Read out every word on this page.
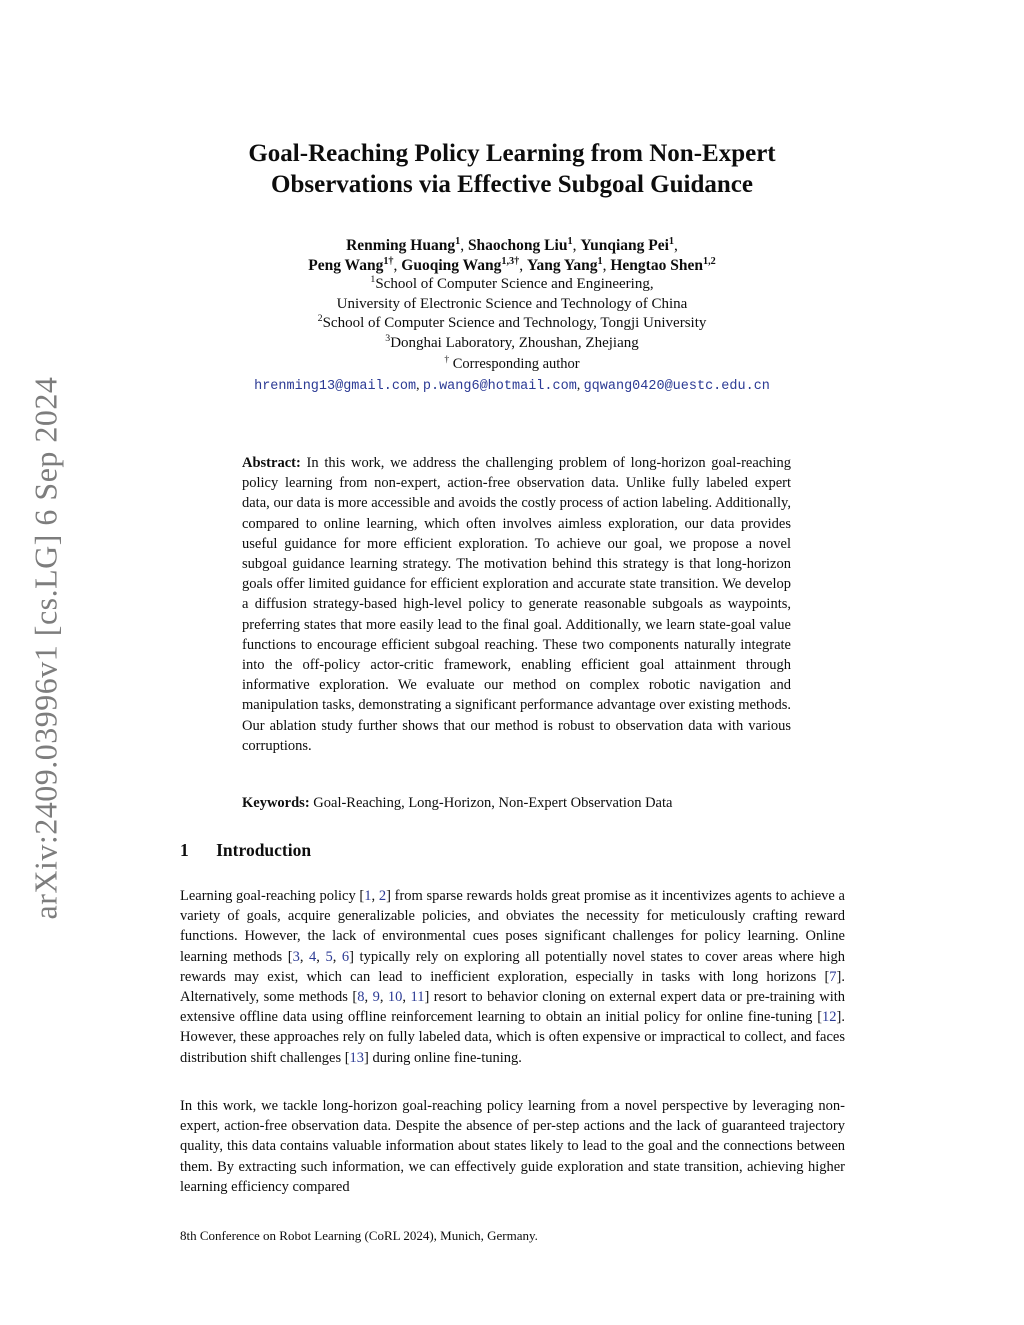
arXiv:2409.03996v1 [cs.LG] 6 Sep 2024
Goal-Reaching Policy Learning from Non-Expert
Observations via Effective Subgoal Guidance
Renming Huang$^1$, Shaochong Liu$^1$, Yunqiang Pei$^1$,
Peng Wang$^{1\dagger}$, Guoqing Wang$^{1,3\dagger}$, Yang Yang$^1$, Hengtao Shen$^{1,2}$
$^1$School of Computer Science and Engineering,
University of Electronic Science and Technology of China
$^2$School of Computer Science and Technology, Tongji University
$^3$Donghai Laboratory, Zhoushan, Zhejiang
† Corresponding author
hrenming13@gmail.com, p.wang6@hotmail.com, gqwang0420@uestc.edu.cn
Abstract: In this work, we address the challenging problem of long-horizon goal-reaching policy learning from non-expert, action-free observation data. Unlike fully labeled expert data, our data is more accessible and avoids the costly process of action labeling. Additionally, compared to online learning, which often involves aimless exploration, our data provides useful guidance for more efficient exploration. To achieve our goal, we propose a novel subgoal guidance learning strategy. The motivation behind this strategy is that long-horizon goals offer limited guidance for efficient exploration and accurate state transition. We develop a diffusion strategy-based high-level policy to generate reasonable subgoals as waypoints, preferring states that more easily lead to the final goal. Additionally, we learn state-goal value functions to encourage efficient subgoal reaching. These two components naturally integrate into the off-policy actor-critic framework, enabling efficient goal attainment through informative exploration. We evaluate our method on complex robotic navigation and manipulation tasks, demonstrating a significant performance advantage over existing methods. Our ablation study further shows that our method is robust to observation data with various corruptions.
Keywords: Goal-Reaching, Long-Horizon, Non-Expert Observation Data
1 Introduction
Learning goal-reaching policy [1, 2] from sparse rewards holds great promise as it incentivizes agents to achieve a variety of goals, acquire generalizable policies, and obviates the necessity for meticulously crafting reward functions. However, the lack of environmental cues poses significant challenges for policy learning. Online learning methods [3, 4, 5, 6] typically rely on exploring all potentially novel states to cover areas where high rewards may exist, which can lead to inefficient exploration, especially in tasks with long horizons [7]. Alternatively, some methods [8, 9, 10, 11] resort to behavior cloning on external expert data or pre-training with extensive offline data using offline reinforcement learning to obtain an initial policy for online fine-tuning [12]. However, these approaches rely on fully labeled data, which is often expensive or impractical to collect, and faces distribution shift challenges [13] during online fine-tuning.
In this work, we tackle long-horizon goal-reaching policy learning from a novel perspective by leveraging non-expert, action-free observation data. Despite the absence of per-step actions and the lack of guaranteed trajectory quality, this data contains valuable information about states likely to lead to the goal and the connections between them. By extracting such information, we can effectively guide exploration and state transition, achieving higher learning efficiency compared
8th Conference on Robot Learning (CoRL 2024), Munich, Germany.
